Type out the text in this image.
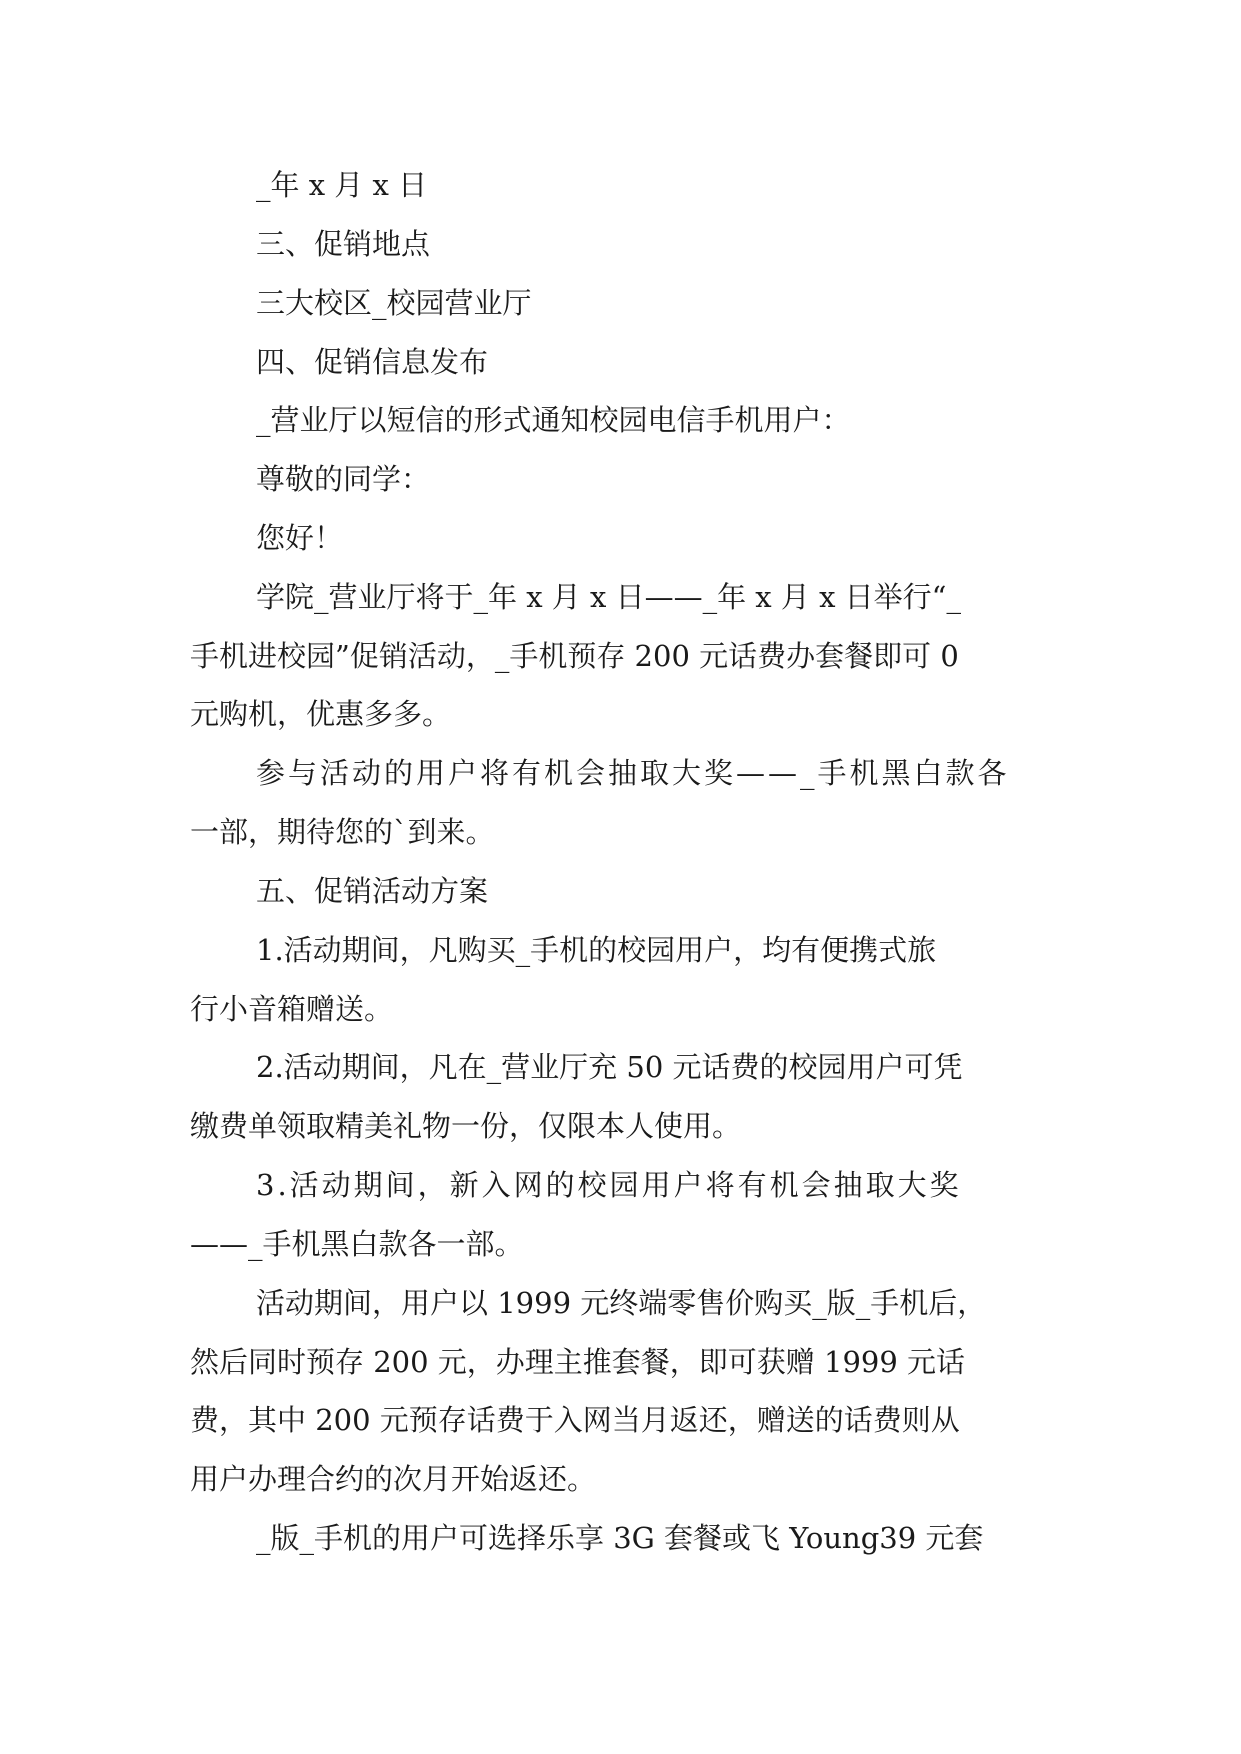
_年 x 月 x 日

三、促销地点

三大校区_校园营业厅

四、促销信息发布

_营业厅以短信的形式通知校园电信手机用户：

尊敬的同学：

您好！

学院_营业厅将于_年 x 月 x 日——_年 x 月 x 日举行“_

手机进校园”促销活动，_手机预存 200 元话费办套餐即可 0

元购机，优惠多多。

参与活动的用户将有机会抽取大奖——_手机黑白款各

一部，期待您的`到来。

五、促销活动方案

1.活动期间，凡购买_手机的校园用户，均有便携式旅

行小音箱赠送。

2.活动期间，凡在_营业厅充 50 元话费的校园用户可凭

缴费单领取精美礼物一份，仅限本人使用。

3.活动期间，新入网的校园用户将有机会抽取大奖

——_手机黑白款各一部。

活动期间，用户以 1999 元终端零售价购买_版_手机后，

然后同时预存 200 元，办理主推套餐，即可获赠 1999 元话

费，其中 200 元预存话费于入网当月返还，赠送的话费则从

用户办理合约的次月开始返还。

_版_手机的用户可选择乐享 3G 套餐或飞 Young39 元套
